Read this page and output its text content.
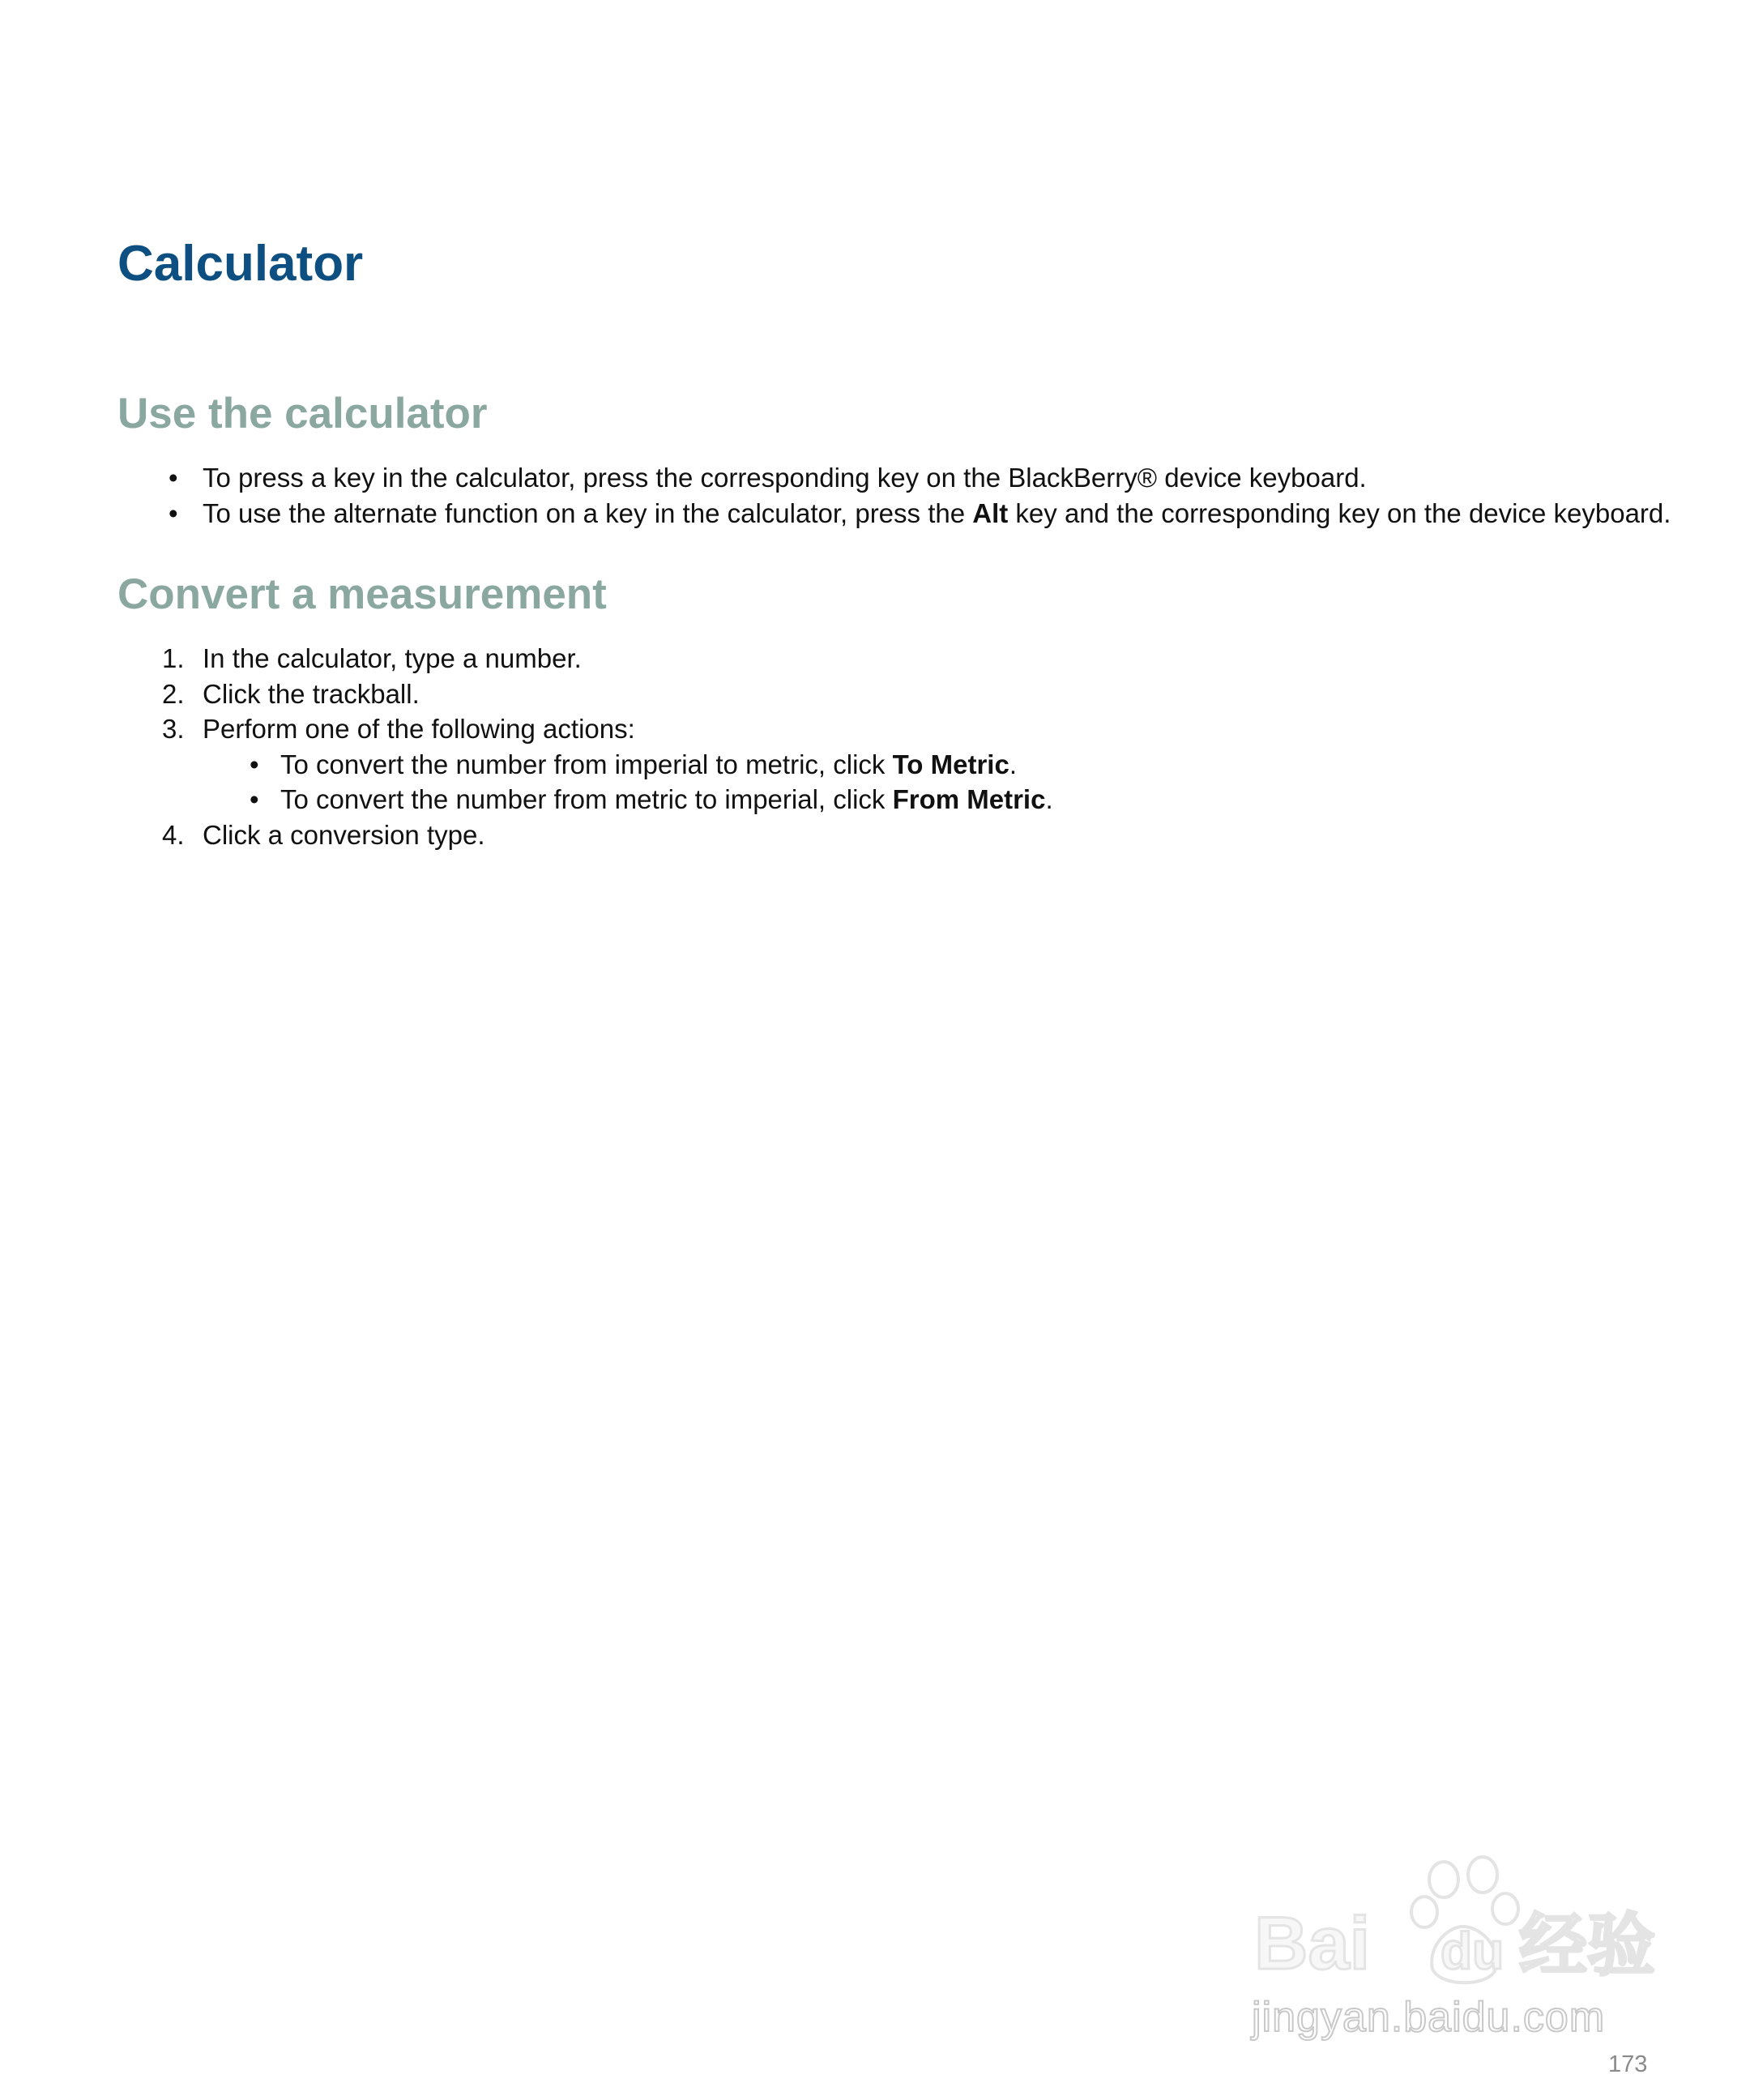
Calculator
Use the calculator
• To press a key in the calculator, press the corresponding key on the BlackBerry® device keyboard.
• To use the alternate function on a key in the calculator, press the Alt key and the corresponding key on the device keyboard.
Convert a measurement
1. In the calculator, type a number.
2. Click the trackball.
3. Perform one of the following actions:
• To convert the number from imperial to metric, click To Metric.
• To convert the number from metric to imperial, click From Metric.
4. Click a conversion type.
Bai du 经验
jingyan.baidu.com
173
